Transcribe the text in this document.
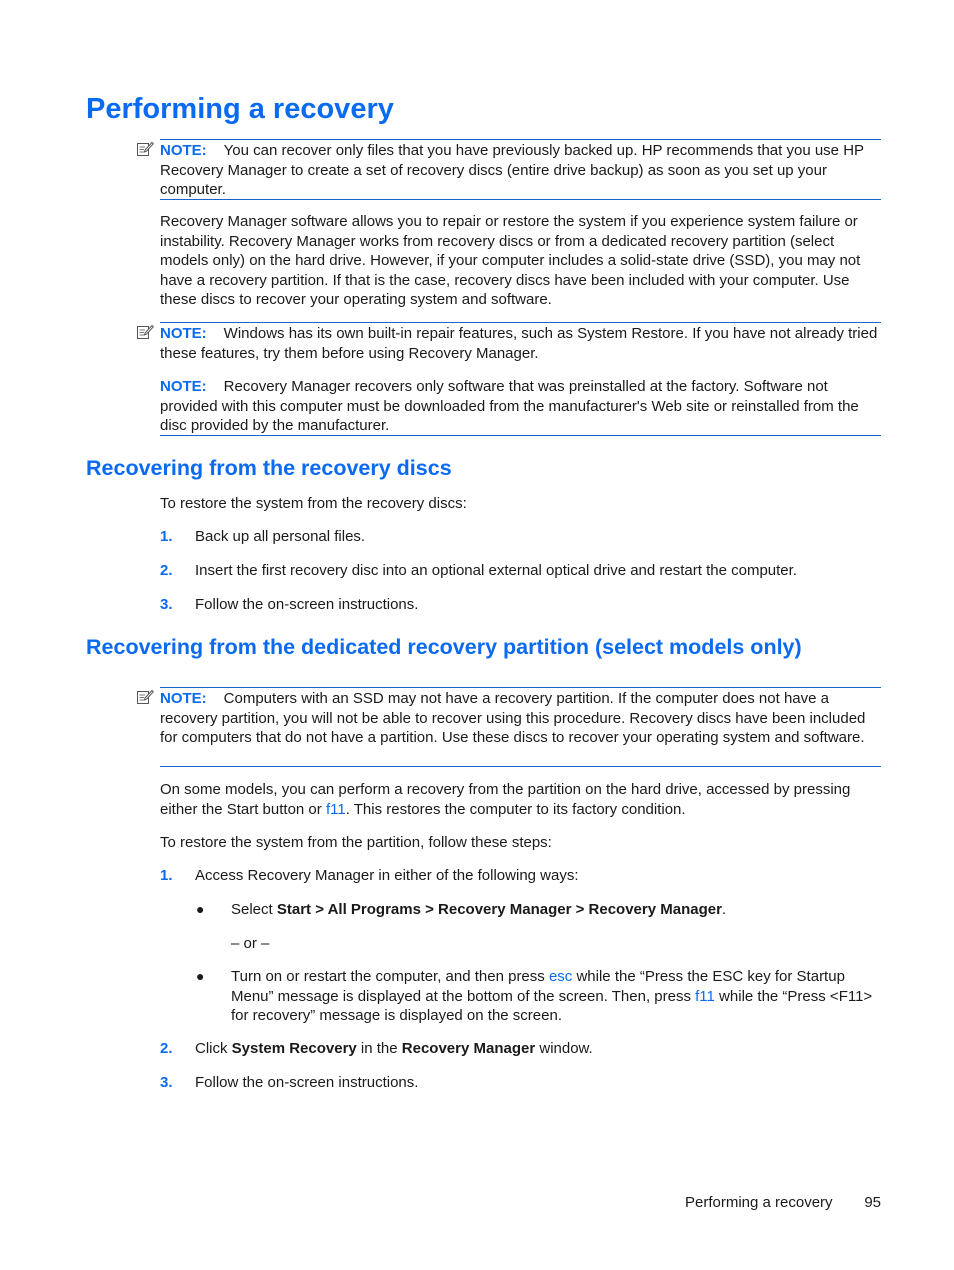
Performing a recovery
NOTE: You can recover only files that you have previously backed up. HP recommends that you use HP Recovery Manager to create a set of recovery discs (entire drive backup) as soon as you set up your computer.
Recovery Manager software allows you to repair or restore the system if you experience system failure or instability. Recovery Manager works from recovery discs or from a dedicated recovery partition (select models only) on the hard drive. However, if your computer includes a solid-state drive (SSD), you may not have a recovery partition. If that is the case, recovery discs have been included with your computer. Use these discs to recover your operating system and software.
NOTE: Windows has its own built-in repair features, such as System Restore. If you have not already tried these features, try them before using Recovery Manager.
NOTE: Recovery Manager recovers only software that was preinstalled at the factory. Software not provided with this computer must be downloaded from the manufacturer's Web site or reinstalled from the disc provided by the manufacturer.
Recovering from the recovery discs
To restore the system from the recovery discs:
1. Back up all personal files.
2. Insert the first recovery disc into an optional external optical drive and restart the computer.
3. Follow the on-screen instructions.
Recovering from the dedicated recovery partition (select models only)
NOTE: Computers with an SSD may not have a recovery partition. If the computer does not have a recovery partition, you will not be able to recover using this procedure. Recovery discs have been included for computers that do not have a partition. Use these discs to recover your operating system and software.
On some models, you can perform a recovery from the partition on the hard drive, accessed by pressing either the Start button or f11. This restores the computer to its factory condition.
To restore the system from the partition, follow these steps:
1. Access Recovery Manager in either of the following ways:
● Select Start > All Programs > Recovery Manager > Recovery Manager.
– or –
● Turn on or restart the computer, and then press esc while the “Press the ESC key for Startup Menu” message is displayed at the bottom of the screen. Then, press f11 while the “Press <F11> for recovery” message is displayed on the screen.
2. Click System Recovery in the Recovery Manager window.
3. Follow the on-screen instructions.
Performing a recovery 95
